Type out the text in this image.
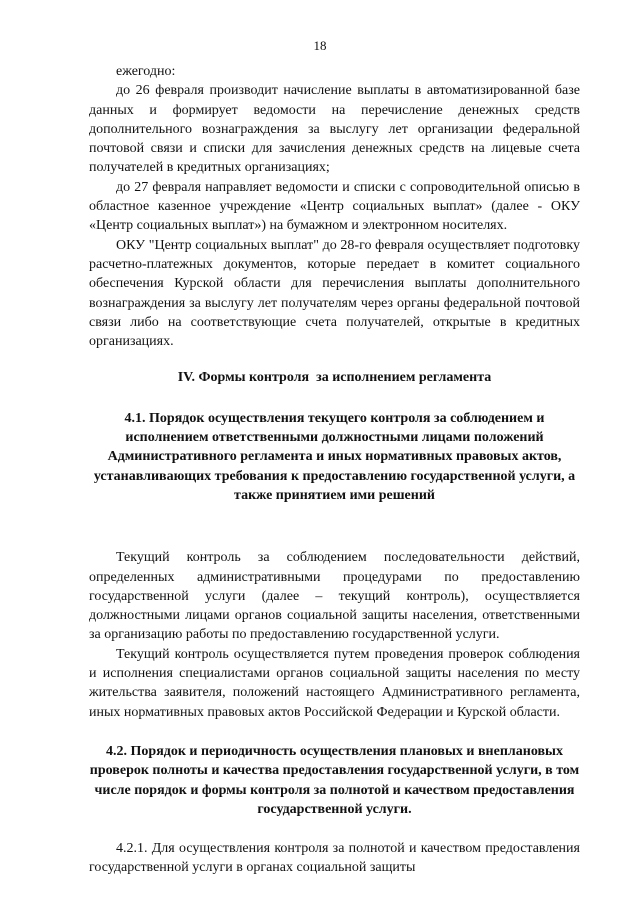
18

ежегодно:

до 26 февраля производит начисление выплаты в автоматизированной базе данных и формирует ведомости на перечисление денежных средств дополнительного вознаграждения за выслугу лет организации федеральной почтовой связи и списки для зачисления денежных средств на лицевые счета получателей в кредитных организациях;

до 27 февраля направляет ведомости и списки с сопроводительной описью в областное казенное учреждение «Центр социальных выплат» (далее - ОКУ «Центр социальных выплат») на бумажном и электронном носителях.

ОКУ "Центр социальных выплат" до 28-го февраля осуществляет подготовку расчетно-платежных документов, которые передает в комитет социального обеспечения Курской области для перечисления выплаты дополнительного вознаграждения за выслугу лет получателям через органы федеральной почтовой связи либо на соответствующие счета получателей, открытые в кредитных организациях.

IV. Формы контроля  за исполнением регламента
4.1. Порядок осуществления текущего контроля за соблюдением и исполнением ответственными должностными лицами положений Административного регламента и иных нормативных правовых актов, устанавливающих требования к предоставлению государственной услуги, а также принятием ими решений

Текущий контроль за соблюдением последовательности действий, определенных административными процедурами по предоставлению государственной услуги (далее – текущий контроль), осуществляется должностными лицами органов социальной защиты населения, ответственными за организацию работы по предоставлению государственной услуги.

Текущий контроль осуществляется путем проведения проверок соблюдения и исполнения специалистами органов социальной защиты населения по месту жительства заявителя, положений настоящего Административного регламента, иных нормативных правовых актов Российской Федерации и Курской области.

4.2. Порядок и периодичность осуществления плановых и внеплановых проверок полноты и качества предоставления государственной услуги, в том числе порядок и формы контроля за полнотой и качеством предоставления государственной услуги.

4.2.1. Для осуществления контроля за полнотой и качеством предоставления государственной услуги в органах социальной защиты
